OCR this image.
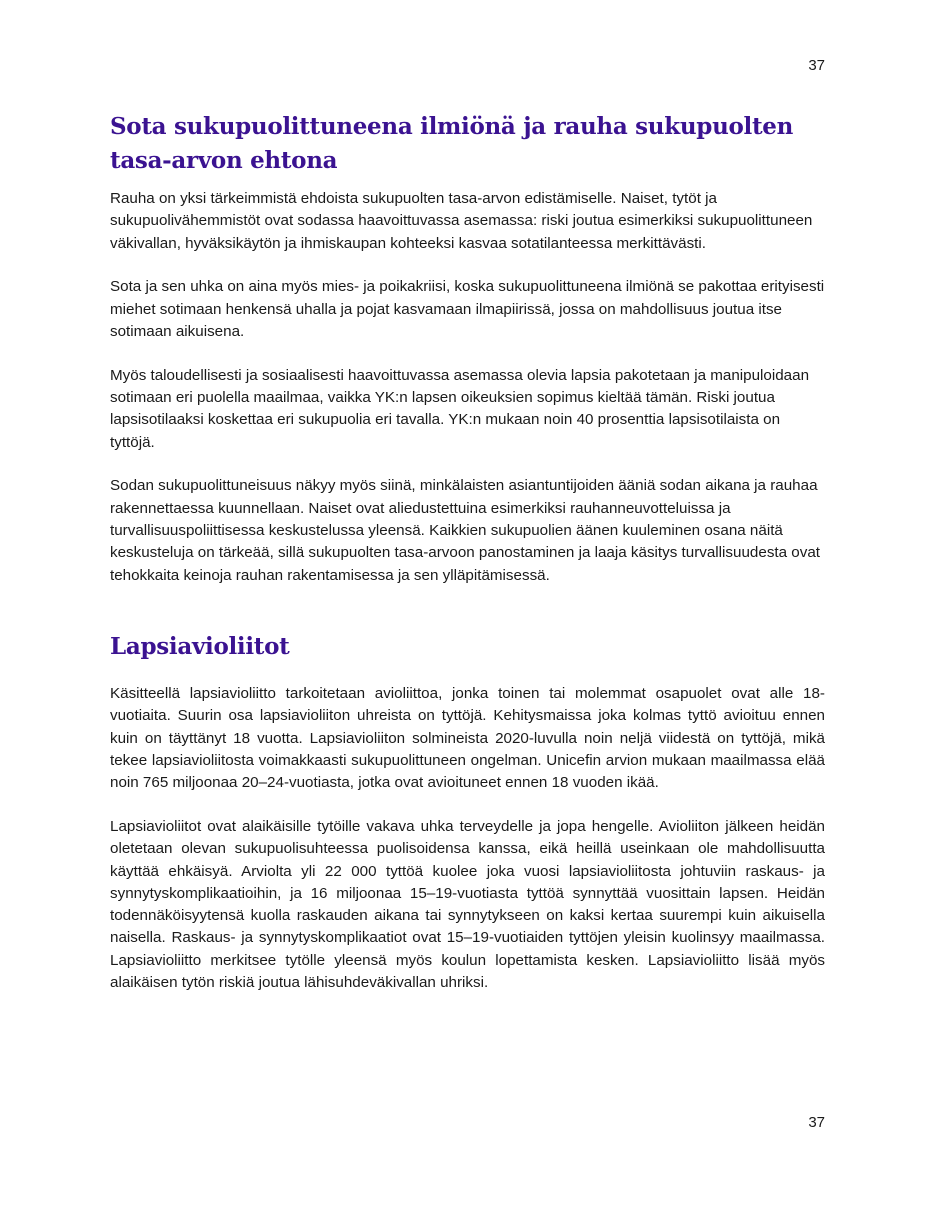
37
Sota sukupuolittuneena ilmiönä ja rauha sukupuolten tasa-arvon ehtona

Rauha on yksi tärkeimmistä ehdoista sukupuolten tasa-arvon edistämiselle. Naiset, tytöt ja sukupuolivähemmistöt ovat sodassa haavoittuvassa asemassa: riski joutua esimerkiksi sukupuolittuneen väkivallan, hyväksikäytön ja ihmiskaupan kohteeksi kasvaa sotatilanteessa merkittävästi.

Sota ja sen uhka on aina myös mies- ja poikakriisi, koska sukupuolittuneena ilmiönä se pakottaa erityisesti miehet sotimaan henkensä uhalla ja pojat kasvamaan ilmapiirissä, jossa on mahdollisuus joutua itse sotimaan aikuisena.

Myös taloudellisesti ja sosiaalisesti haavoittuvassa asemassa olevia lapsia pakotetaan ja manipuloidaan sotimaan eri puolella maailmaa, vaikka YK:n lapsen oikeuksien sopimus kieltää tämän. Riski joutua lapsisotilaaksi koskettaa eri sukupuolia eri tavalla. YK:n mukaan noin 40 prosenttia lapsisotilaista on tyttöjä.

Sodan sukupuolittuneisuus näkyy myös siinä, minkälaisten asiantuntijoiden ääniä sodan aikana ja rauhaa rakennettaessa kuunnellaan. Naiset ovat aliedustettuina esimerkiksi rauhanneuvotteluissa ja turvallisuuspoliittisessa keskustelussa yleensä. Kaikkien sukupuolien äänen kuuleminen osana näitä keskusteluja on tärkeää, sillä sukupuolten tasa-arvoon panostaminen ja laaja käsitys turvallisuudesta ovat tehokkaita keinoja rauhan rakentamisessa ja sen ylläpitämisessä.

Lapsiavioliitot

Käsitteellä lapsiavioliitto tarkoitetaan avioliittoa, jonka toinen tai molemmat osapuolet ovat alle 18-vuotiaita. Suurin osa lapsiavioliiton uhreista on tyttöjä. Kehitysmaissa joka kolmas tyttö avioituu ennen kuin on täyttänyt 18 vuotta. Lapsiavioliiton solmineista 2020-luvulla noin neljä viidestä on tyttöjä, mikä tekee lapsiavioliitosta voimakkaasti sukupuolittuneen ongelman. Unicefin arvion mukaan maailmassa elää noin 765 miljoonaa 20–24-vuotiasta, jotka ovat avioituneet ennen 18 vuoden ikää.

Lapsiavioliitot ovat alaikäisille tytöille vakava uhka terveydelle ja jopa hengelle. Avioliiton jälkeen heidän oletetaan olevan sukupuolisuhteessa puolisoidensa kanssa, eikä heillä useinkaan ole mahdollisuutta käyttää ehkäisyä. Arviolta yli 22 000 tyttöä kuolee joka vuosi lapsiavioliitosta johtuviin raskaus- ja synnytyskomplikaatioihin, ja 16 miljoonaa 15–19-vuotiasta tyttöä synnyttää vuosittain lapsen. Heidän todennäköisyytensä kuolla raskauden aikana tai synnytykseen on kaksi kertaa suurempi kuin aikuisella naisella. Raskaus- ja synnytyskomplikaatiot ovat 15–19-vuotiaiden tyttöjen yleisin kuolinsyy maailmassa. Lapsiavioliitto merkitsee tytölle yleensä myös koulun lopettamista kesken. Lapsiavioliitto lisää myös alaikäisen tytön riskiä joutua lähisuhdeväkivallan uhriksi.

37
